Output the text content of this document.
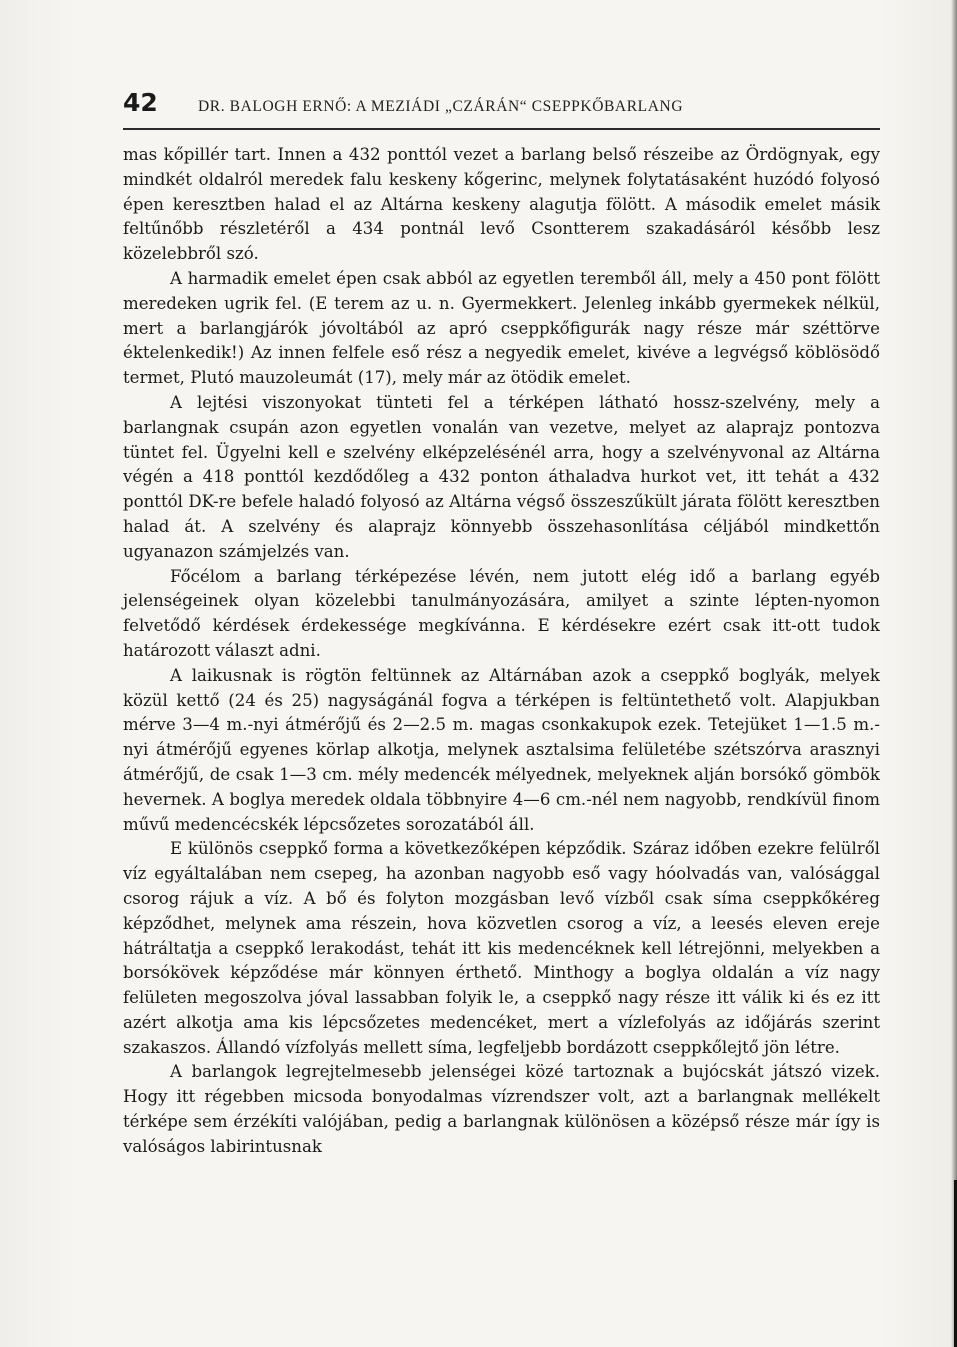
42	DR. BALOGH ERNŐ: A MEZIÁDI „CZÁRÁN“ CSEPPKŐBARLANG

mas kőpillér tart. Innen a 432 ponttól vezet a barlang belső részeibe az Ördögnyak, egy mindkét oldalról meredek falu keskeny kőgerinc, melynek folytatásaként huzódó folyosó épen keresztben halad el az Altárna keskeny alagutja fölött. A második emelet másik feltűnőbb részletéről a 434 pontnál levő Csontterem szakadásáról később lesz közelebbről szó.

A harmadik emelet épen csak abból az egyetlen teremből áll, mely a 450 pont fölött meredeken ugrik fel. (E terem az u. n. Gyermekkert. Jelenleg inkább gyermekek nélkül, mert a barlangjárók jóvoltából az apró cseppkőfigurák nagy része már széttörve éktelenkedik!) Az innen felfele eső rész a negyedik emelet, kivéve a legvégső köblösödő termet, Plutó mauzoleumát (17), mely már az ötödik emelet.

A lejtési viszonyokat tünteti fel a térképen látható hossz-szelvény, mely a barlangnak csupán azon egyetlen vonalán van vezetve, melyet az alaprajz pontozva tüntet fel. Ügyelni kell e szelvény elképzelésénél arra, hogy a szelvényvonal az Altárna végén a 418 ponttól kezdődőleg a 432 ponton áthaladva hurkot vet, itt tehát a 432 ponttól DK-re befele haladó folyosó az Altárna végső összeszűkült járata fölött keresztben halad át. A szelvény és alaprajz könnyebb összehasonlítása céljából mindkettőn ugyanazon számjelzés van.

Főcélom a barlang térképezése lévén, nem jutott elég idő a barlang egyéb jelenségeinek olyan közelebbi tanulmányozására, amilyet a szinte lépten-nyomon felvetődő kérdések érdekessége megkívánna. E kérdésekre ezért csak itt-ott tudok határozott választ adni.

A laikusnak is rögtön feltünnek az Altárnában azok a cseppkő boglyák, melyek közül kettő (24 és 25) nagyságánál fogva a térképen is feltüntethető volt. Alapjukban mérve 3—4 m.-nyi átmérőjű és 2—2.5 m. magas csonkakupok ezek. Tetejüket 1—1.5 m.-nyi átmérőjű egyenes körlap alkotja, melynek asztalsima felületébe szétszórva arasznyi átmérőjű, de csak 1—3 cm. mély medencék mélyednek, melyeknek alján borsókő gömbök hevernek. A boglya meredek oldala többnyire 4—6 cm.-nél nem nagyobb, rendkívül finom művű medencécskék lépcsőzetes sorozatából áll.

E különös cseppkő forma a következőképen képződik. Száraz időben ezekre felülről víz egyáltalában nem csepeg, ha azonban nagyobb eső vagy hóolvadás van, valósággal csorog rájuk a víz. A bő és folyton mozgásban levő vízből csak síma cseppkőkéreg képződhet, melynek ama részein, hova közvetlen csorog a víz, a leesés eleven ereje hátráltatja a cseppkő lerakodást, tehát itt kis medencéknek kell létrejönni, melyekben a borsókövek képződése már könnyen érthető. Minthogy a boglya oldalán a víz nagy felületen megoszolva jóval lassabban folyik le, a cseppkő nagy része itt válik ki és ez itt azért alkotja ama kis lépcsőzetes medencéket, mert a vízlefolyás az időjárás szerint szakaszos. Állandó vízfolyás mellett síma, legfeljebb bordázott cseppkőlejtő jön létre.

A barlangok legrejtelmesebb jelenségei közé tartoznak a bujócskát játszó vizek. Hogy itt régebben micsoda bonyodalmas vízrendszer volt, azt a barlangnak mellékelt térképe sem érzékíti valójában, pedig a barlangnak különösen a középső része már így is valóságos labirintusnak
